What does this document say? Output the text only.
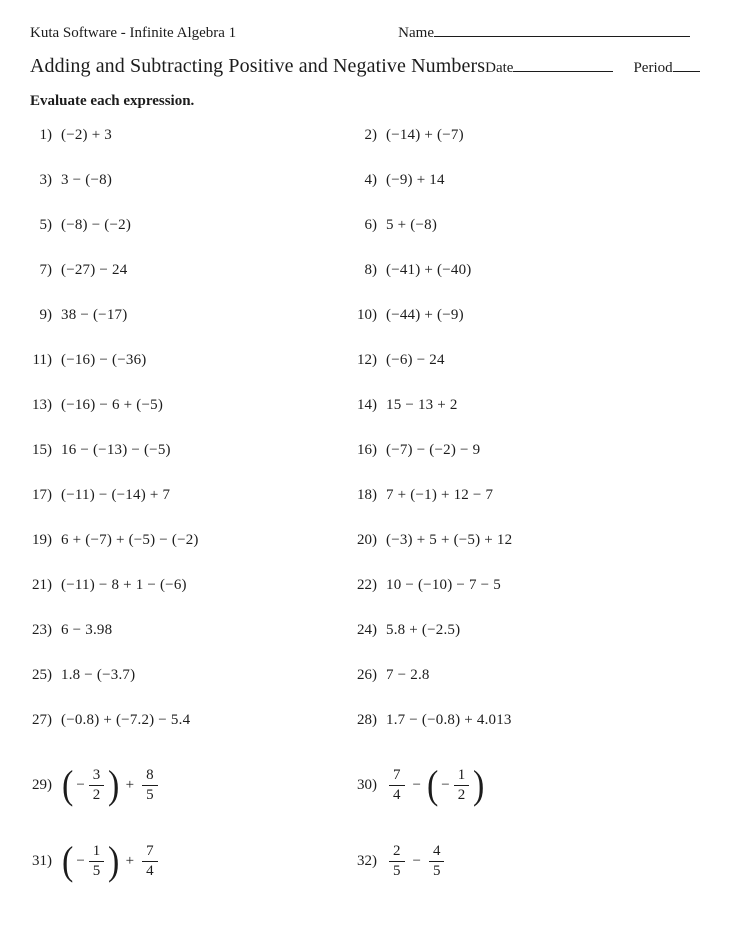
Kuta Software - Infinite Algebra 1	Name
Adding and Subtracting Positive and Negative Numbers Date	Period
Evaluate each expression.
1) (−2) + 3	2) (−14) + (−7)
3) 3 − (−8)	4) (−9) + 14
5) (−8) − (−2)	6) 5 + (−8)
7) (−27) − 24	8) (−41) + (−40)
9) 38 − (−17)	10) (−44) + (−9)
11) (−16) − (−36)	12) (−6) − 24
13) (−16) − 6 + (−5)	14) 15 − 13 + 2
15) 16 − (−13) − (−5)	16) (−7) − (−2) − 9
17) (−11) − (−14) + 7	18) 7 + (−1) + 12 − 7
19) 6 + (−7) + (−5) − (−2)	20) (−3) + 5 + (−5) + 12
21) (−11) − 8 + 1 − (−6)	22) 10 − (−10) − 7 − 5
23) 6 − 3.98	24) 5.8 + (−2.5)
25) 1.8 − (−3.7)	26) 7 − 2.8
27) (−0.8) + (−7.2) − 5.4	28) 1.7 − (−0.8) + 4.013
29) ( − $\frac{3}{2}$ ) + $\frac{8}{5}$	$30) \frac{7}{4}$ − ( − $\frac{1}{2}$ )
31) ( − $\frac{1}{5}$ ) + $\frac{7}{4}$	$32) \frac{2}{5} - \frac{4}{5}$
